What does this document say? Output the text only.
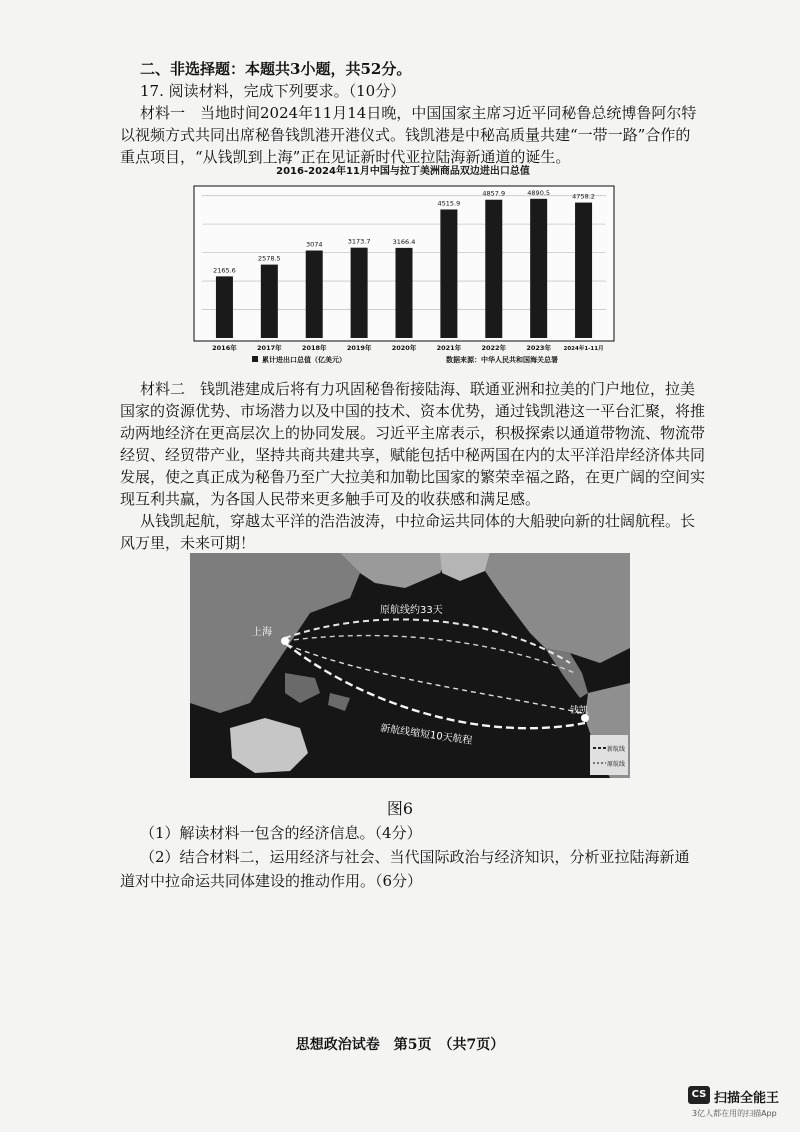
二、非选择题：本题共3小题，共52分。
17. 阅读材料，完成下列要求。（10分）
材料一　当地时间2024年11月14日晚，中国国家主席习近平同秘鲁总统博鲁阿尔特
以视频方式共同出席秘鲁钱凯港开港仪式。钱凯港是中秘高质量共建“一带一路”合作的
重点项目，“从钱凯到上海”正在见证新时代亚拉陆海新通道的诞生。
2016-2024年11月中国与拉丁美洲商品双边进出口总值
2165.6
2578.5
3074	3173.7	3166.4
4515.9
4857.9	4890.5	4758.2
2016年	2017年	2018年	2019年	2020年	2021年	2022年	2023年 2024年1-11月
累计进出口总值（亿美元）	数据来源：中华人民共和国海关总署
材料二　钱凯港建成后将有力巩固秘鲁衔接陆海、联通亚洲和拉美的门户地位，拉美
国家的资源优势、市场潜力以及中国的技术、资本优势，通过钱凯港这一平台汇聚，将推
动两地经济在更高层次上的协同发展。习近平主席表示，积极探索以通道带物流、物流带
经贸、经贸带产业，坚持共商共建共享，赋能包括中秘两国在内的太平洋沿岸经济体共同
发展，使之真正成为秘鲁乃至广大拉美和加勒比国家的繁荣幸福之路，在更广阔的空间实
现互利共赢，为各国人民带来更多触手可及的收获感和满足感。
从钱凯起航，穿越太平洋的浩浩波涛，中拉命运共同体的大船驶向新的壮阔航程。长
风万里，未来可期！
上海
原航线约33天
新航线缩短10天航程
钱凯
新航线
原航线
图6
（1）解读材料一包含的经济信息。（4分）
（2）结合材料二，运用经济与社会、当代国际政治与经济知识，分析亚拉陆海新通
道对中拉命运共同体建设的推动作用。（6分）
思想政治试卷　第5页　（共7页）
CS 扫描全能王
3亿人都在用的扫描App
